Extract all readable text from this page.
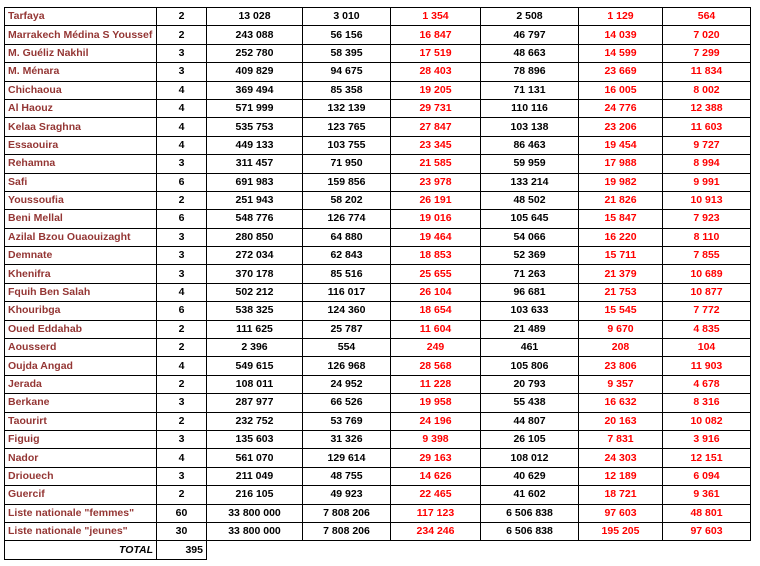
Tarfaya	2	13 028	3 010	1 354	2 508	1 129	564
Marrakech Médina S Youssef	2	243 088	56 156	16 847	46 797	14 039	7 020
M. Guéliz Nakhil	3	252 780	58 395	17 519	48 663	14 599	7 299
M. Ménara	3	409 829	94 675	28 403	78 896	23 669	11 834
Chichaoua	4	369 494	85 358	19 205	71 131	16 005	8 002
Al Haouz	4	571 999	132 139	29 731	110 116	24 776	12 388
Kelaa Sraghna	4	535 753	123 765	27 847	103 138	23 206	11 603
Essaouira	4	449 133	103 755	23 345	86 463	19 454	9 727
Rehamna	3	311 457	71 950	21 585	59 959	17 988	8 994
Safi	6	691 983	159 856	23 978	133 214	19 982	9 991
Youssoufia	2	251 943	58 202	26 191	48 502	21 826	10 913
Beni Mellal	6	548 776	126 774	19 016	105 645	15 847	7 923
Azilal Bzou Ouaouizaght	3	280 850	64 880	19 464	54 066	16 220	8 110
Demnate	3	272 034	62 843	18 853	52 369	15 711	7 855
Khenifra	3	370 178	85 516	25 655	71 263	21 379	10 689
Fquih Ben Salah	4	502 212	116 017	26 104	96 681	21 753	10 877
Khouribga	6	538 325	124 360	18 654	103 633	15 545	7 772
Oued Eddahab	2	111 625	25 787	11 604	21 489	9 670	4 835
Aousserd	2	2 396	554	249	461	208	104
Oujda Angad	4	549 615	126 968	28 568	105 806	23 806	11 903
Jerada	2	108 011	24 952	11 228	20 793	9 357	4 678
Berkane	3	287 977	66 526	19 958	55 438	16 632	8 316
Taourirt	2	232 752	53 769	24 196	44 807	20 163	10 082
Figuig	3	135 603	31 326	9 398	26 105	7 831	3 916
Nador	4	561 070	129 614	29 163	108 012	24 303	12 151
Driouech	3	211 049	48 755	14 626	40 629	12 189	6 094
Guercif	2	216 105	49 923	22 465	41 602	18 721	9 361
Liste nationale "femmes"	60	33 800 000	7 808 206	117 123	6 506 838	97 603	48 801
Liste nationale "jeunes"	30	33 800 000	7 808 206	234 246	6 506 838	195 205	97 603
TOTAL	395						
